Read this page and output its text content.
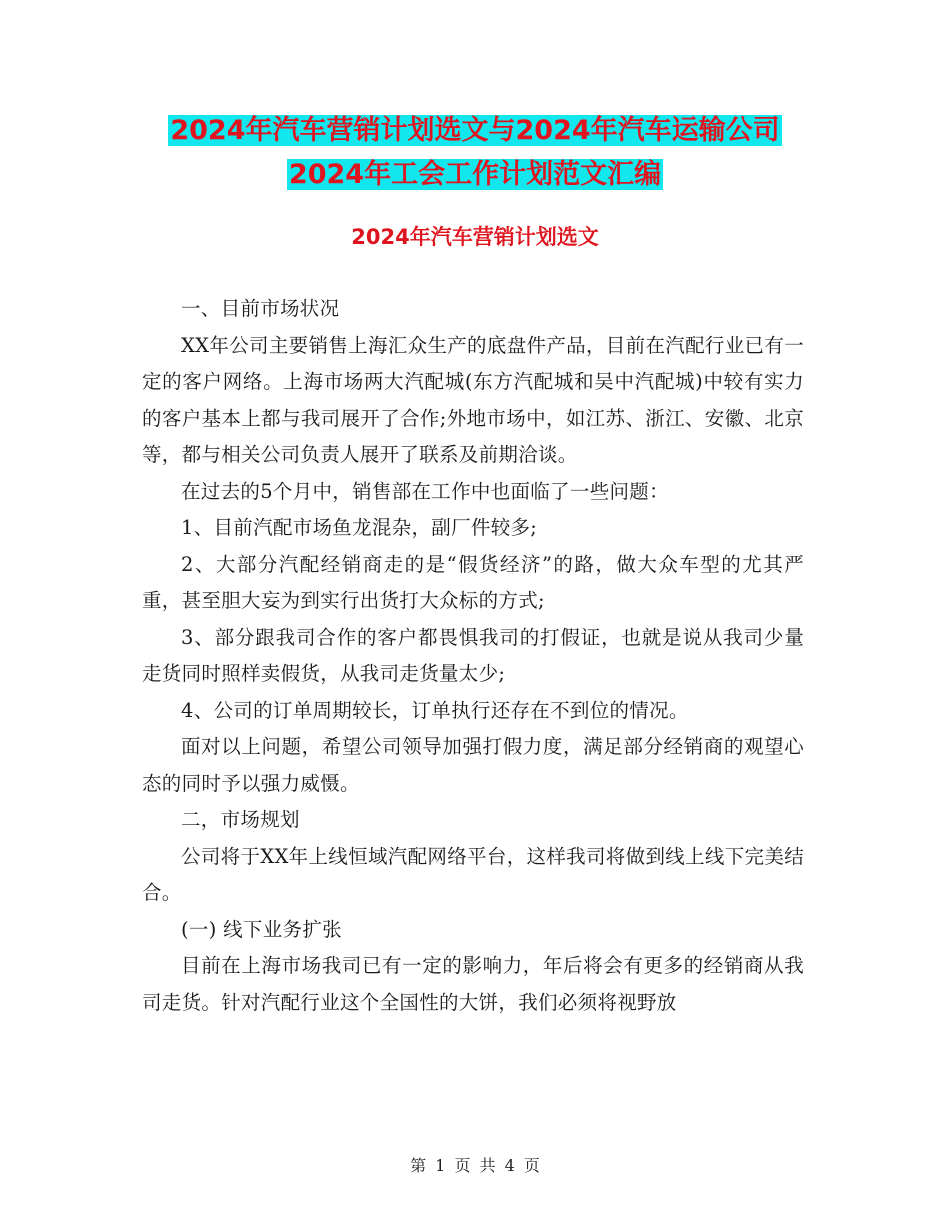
2024年汽车营销计划选文与2024年汽车运输公司
2024年工会工作计划范文汇编
2024年汽车营销计划选文

一、目前市场状况

XX年公司主要销售上海汇众生产的底盘件产品，目前在汽配行业已有一定的客户网络。上海市场两大汽配城(东方汽配城和吴中汽配城)中较有实力的客户基本上都与我司展开了合作;外地市场中，如江苏、浙江、安徽、北京等，都与相关公司负责人展开了联系及前期洽谈。

在过去的5个月中，销售部在工作中也面临了一些问题：

1、目前汽配市场鱼龙混杂，副厂件较多;

2、大部分汽配经销商走的是“假货经济”的路，做大众车型的尤其严重，甚至胆大妄为到实行出货打大众标的方式;

3、部分跟我司合作的客户都畏惧我司的打假证，也就是说从我司少量走货同时照样卖假货，从我司走货量太少;

4、公司的订单周期较长，订单执行还存在不到位的情况。

面对以上问题，希望公司领导加强打假力度，满足部分经销商的观望心态的同时予以强力威慑。

二，市场规划

公司将于XX年上线恒域汽配网络平台，这样我司将做到线上线下完美结合。

(一) 线下业务扩张

目前在上海市场我司已有一定的影响力，年后将会有更多的经销商从我司走货。针对汽配行业这个全国性的大饼，我们必须将视野放

第 1 页 共 4 页
